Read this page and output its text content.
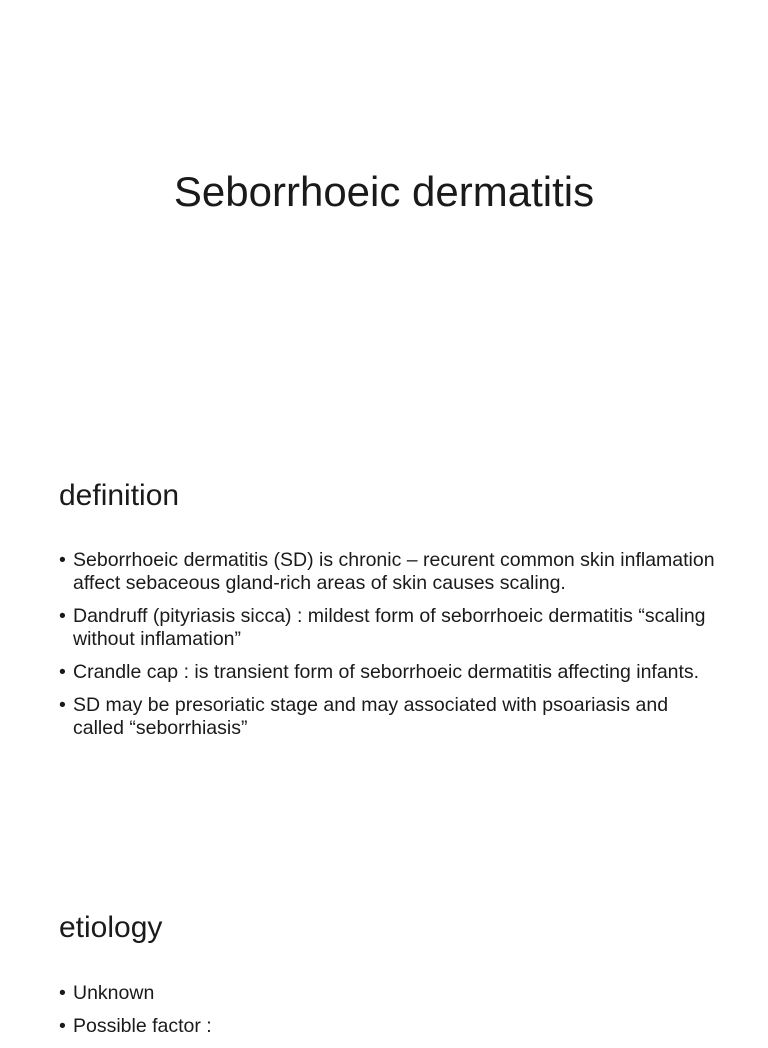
Seborrhoeic dermatitis
definition
• Seborrhoeic dermatitis (SD) is chronic – recurent common skin inflamation affect sebaceous gland-rich areas of skin causes scaling.
• Dandruff (pityriasis sicca) : mildest form of seborrhoeic dermatitis “scaling without inflamation”
• Crandle cap : is transient form of seborrhoeic dermatitis affecting infants.
• SD may be presoriatic stage and may associated with psoariasis and called “seborrhiasis”
etiology
• Unknown
• Possible factor :
